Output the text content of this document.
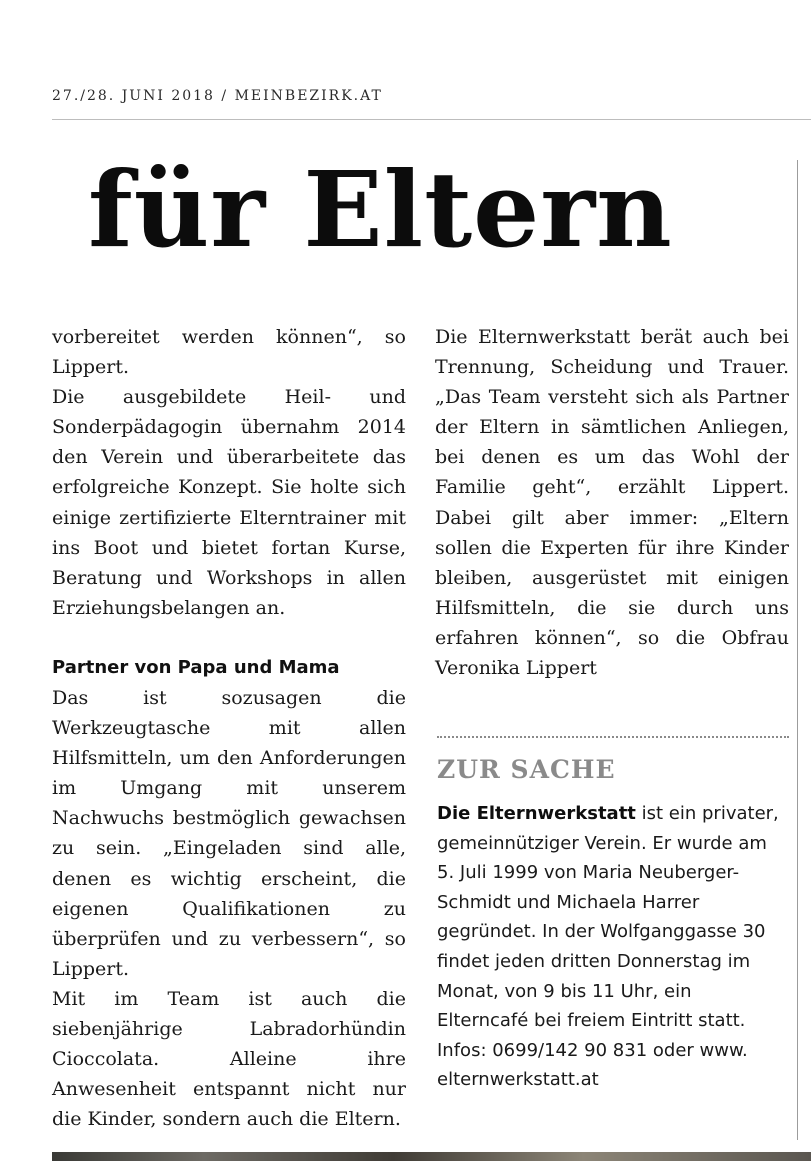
27./28. JUNI 2018 / MEINBEZIRK.AT
für Eltern

vorbereitet werden können“, so Lippert.

Die ausgebildete Heil- und Sonderpädagogin übernahm 2014 den Verein und überarbeitete das erfolgreiche Konzept. Sie holte sich einige zertifizierte Elterntrainer mit ins Boot und bietet fortan Kurse, Beratung und Workshops in allen Erziehungsbelangen an.

Partner von Papa und Mama

Das ist sozusagen die Werkzeugtasche mit allen Hilfsmitteln, um den Anforderungen im Umgang mit unserem Nachwuchs bestmöglich gewachsen zu sein. „Eingeladen sind alle, denen es wichtig erscheint, die eigenen Qualifikationen zu überprüfen und zu verbessern“, so Lippert.

Mit im Team ist auch die siebenjährige Labradorhündin Cioccolata. Alleine ihre Anwesenheit entspannt nicht nur die Kinder, sondern auch die Eltern.

Die Elternwerkstatt berät auch bei Trennung, Scheidung und Trauer. „Das Team versteht sich als Partner der Eltern in sämtlichen Anliegen, bei denen es um das Wohl der Familie geht“, erzählt Lippert. Dabei gilt aber immer: „Eltern sollen die Experten für ihre Kinder bleiben, ausgerüstet mit einigen Hilfsmitteln, die sie durch uns erfahren können“, so die Obfrau Veronika Lippert

ZUR SACHE

Die Elternwerkstatt ist ein privater, gemeinnütziger Verein. Er wurde am 5. Juli 1999 von Maria Neuberger-Schmidt und Michaela Harrer gegründet. In der Wolfganggasse 30 findet jeden dritten Donnerstag im Monat, von 9 bis 11 Uhr, ein Elterncafé bei freiem Eintritt statt. Infos: 0699/142 90 831 oder www. elternwerkstatt.at
